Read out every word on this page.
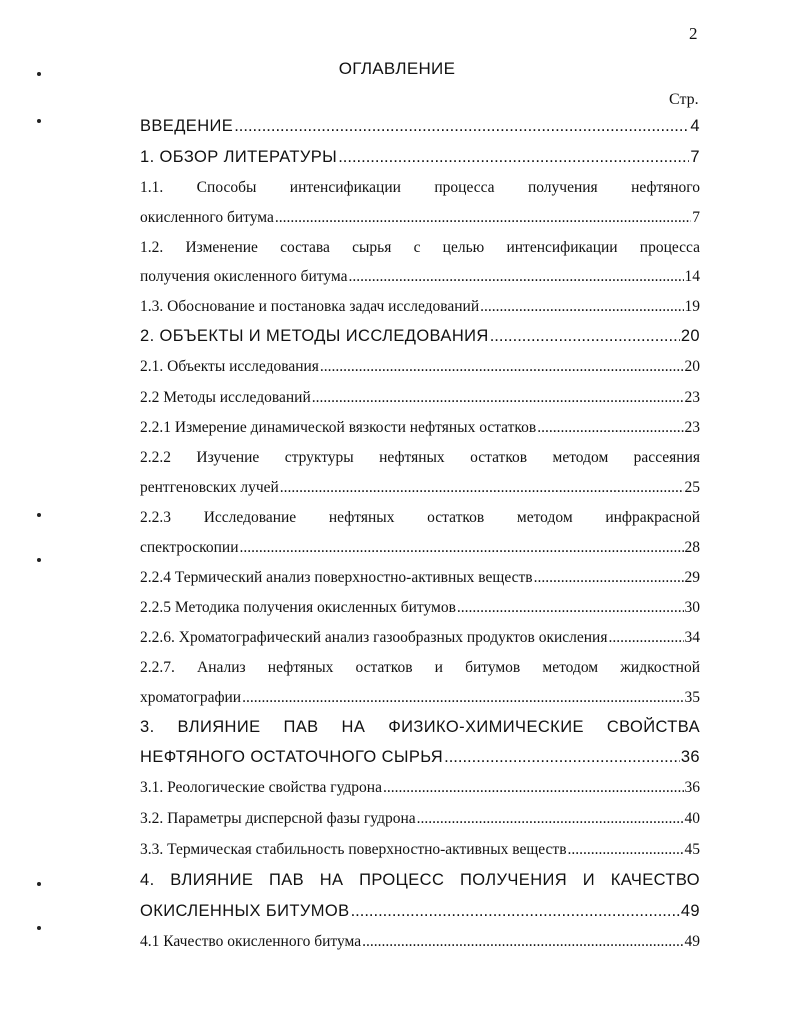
2
ОГЛАВЛЕНИЕ
Стр.
ВВЕДЕНИЕ .....	4
1. ОБЗОР ЛИТЕРАТУРЫ .....	7
1.1. Способы интенсификации процесса получения нефтяного
окисленного битума .....	7
1.2. Изменение состава сырья с целью интенсификации процесса
получения окисленного битума .....	14
1.3. Обоснование и постановка задач исследований .....	19
2. ОБЪЕКТЫ И МЕТОДЫ ИССЛЕДОВАНИЯ .....	20
2.1. Объекты исследования .....	20
2.2 Методы исследований .....	23
2.2.1 Измерение динамической вязкости нефтяных остатков .....	23
2.2.2 Изучение структуры нефтяных остатков методом рассеяния
рентгеновских лучей .....	25
2.2.3 Исследование нефтяных остатков методом инфракрасной
спектроскопии .....	28
2.2.4 Термический анализ поверхностно-активных веществ .....	29
2.2.5 Методика получения окисленных битумов .....	30
2.2.6. Хроматографический анализ газообразных продуктов окисления .....	34
2.2.7. Анализ нефтяных остатков и битумов методом жидкостной
хроматографии .....	35
3. ВЛИЯНИЕ ПАВ НА ФИЗИКО-ХИМИЧЕСКИЕ СВОЙСТВА
НЕФТЯНОГО ОСТАТОЧНОГО СЫРЬЯ .....	36
3.1. Реологические свойства гудрона .....	36
3.2. Параметры дисперсной фазы гудрона .....	40
3.3. Термическая стабильность поверхностно-активных веществ .....	45
4. ВЛИЯНИЕ ПАВ НА ПРОЦЕСС ПОЛУЧЕНИЯ И КАЧЕСТВО
ОКИСЛЕННЫХ БИТУМОВ .....	49
4.1 Качество окисленного битума .....	49
